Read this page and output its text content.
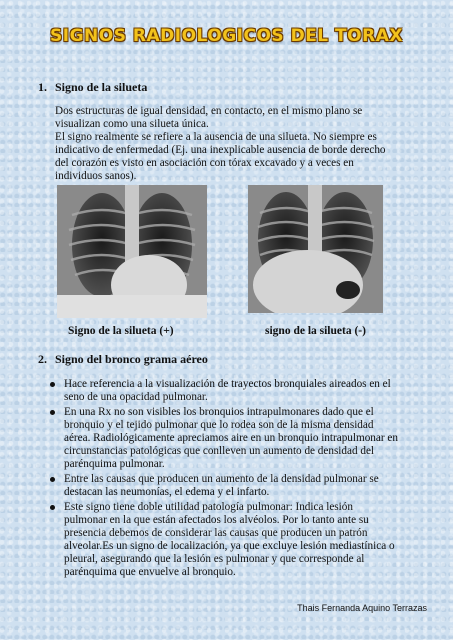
SIGNOS RADIOLOGICOS DEL TORAX
1. Signo de la silueta
Dos estructuras de igual densidad, en contacto, en el mismo plano se visualizan como una silueta única.
El signo realmente se refiere a la ausencia de una silueta. No siempre es indicativo de enfermedad (Ej. una inexplicable ausencia de borde derecho del corazón es visto en asociación con tórax excavado y a veces en individuos sanos).
Signo de la silueta (+)	signo de la silueta (-)
2. Signo del bronco grama aéreo
Hace referencia a la visualización de trayectos bronquiales aireados en el seno de una opacidad pulmonar.
En una Rx no son visibles los bronquios intrapulmonares dado que el bronquio y el tejido pulmonar que lo rodea son de la misma densidad aérea. Radiológicamente apreciamos aire en un bronquio intrapulmonar en circunstancias patológicas que conlleven un aumento de densidad del parénquima pulmonar.
Entre las causas que producen un aumento de la densidad pulmonar se destacan las neumonías, el edema y el infarto.
Este signo tiene doble utilidad patología pulmonar: Indica lesión pulmonar en la que están afectados los alvéolos. Por lo tanto ante su presencia debemos de considerar las causas que producen un patrón alveolar.Es un signo de localización, ya que excluye lesión mediastínica o pleural, asegurando que la lesión es pulmonar y que corresponde al parénquima que envuelve al bronquio.
Thais Fernanda Aquino Terrazas
